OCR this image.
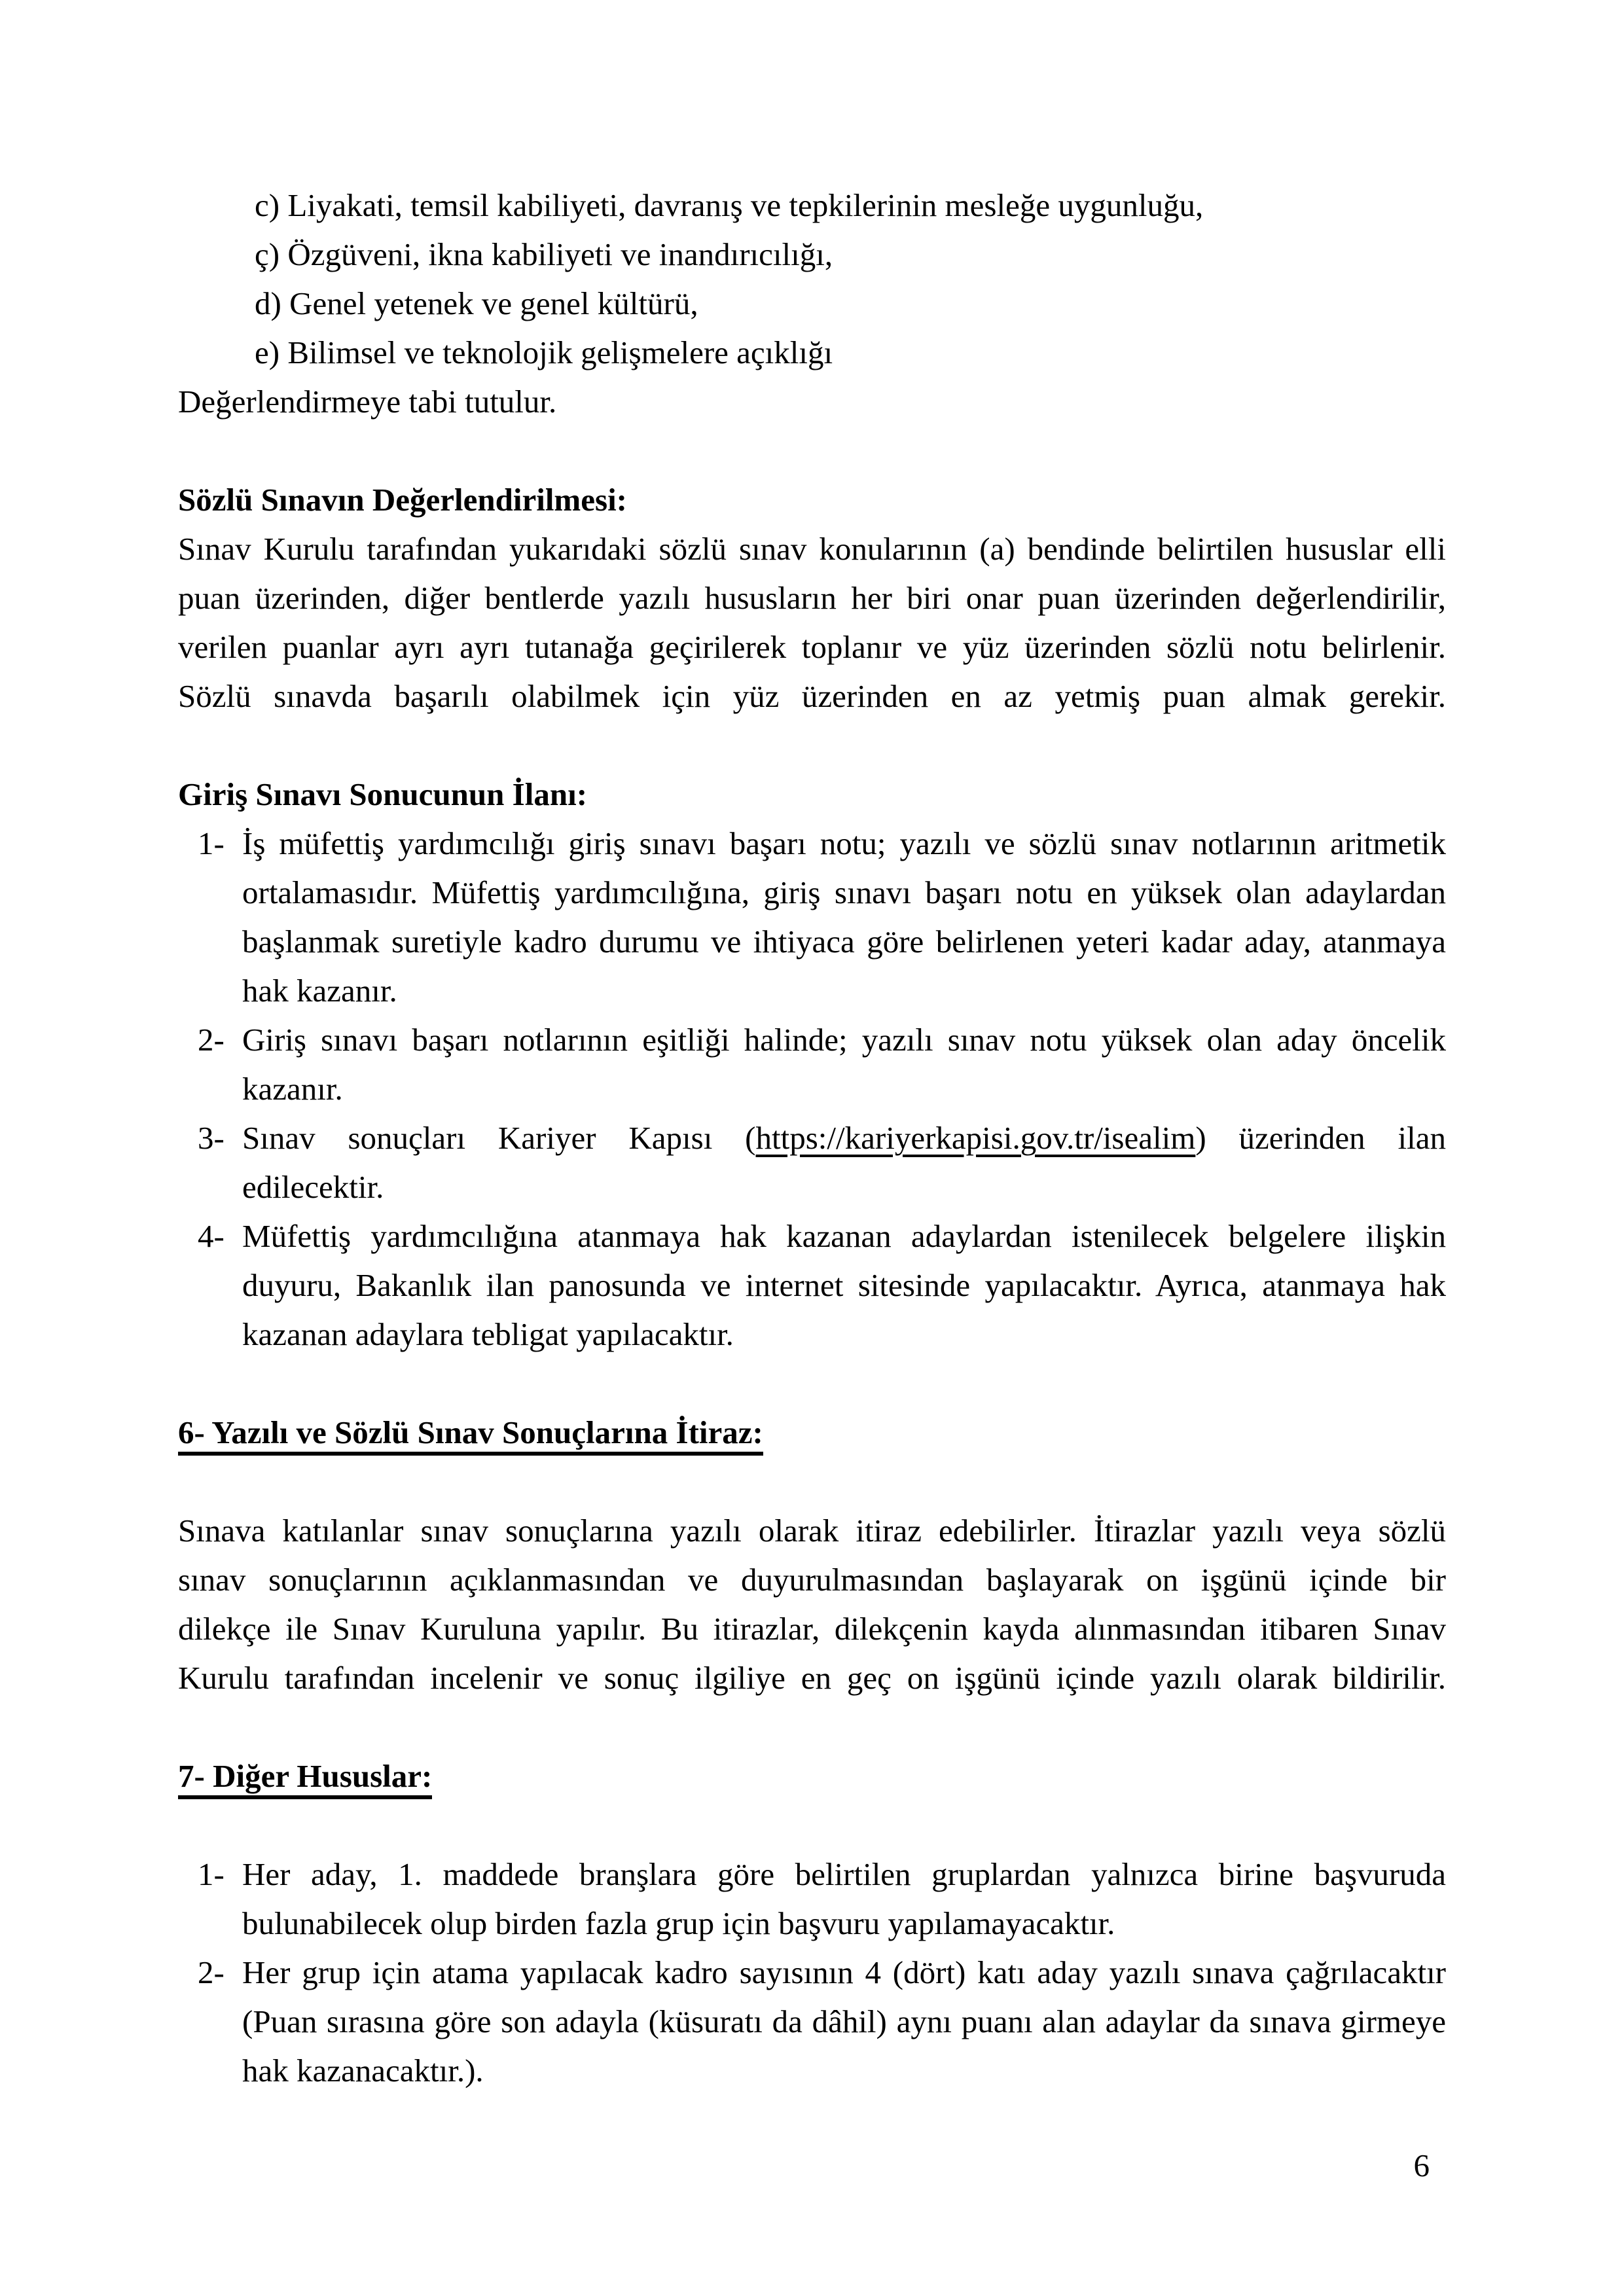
c) Liyakati, temsil kabiliyeti, davranış ve tepkilerinin mesleğe uygunluğu,
ç) Özgüveni, ikna kabiliyeti ve inandırıcılığı,
d) Genel yetenek ve genel kültürü,
e) Bilimsel ve teknolojik gelişmelere açıklığı
Değerlendirmeye tabi tutulur.
Sözlü Sınavın Değerlendirilmesi:
Sınav Kurulu tarafından yukarıdaki sözlü sınav konularının (a) bendinde belirtilen hususlar elli
puan üzerinden, diğer bentlerde yazılı hususların her biri onar puan üzerinden değerlendirilir,
verilen puanlar ayrı ayrı tutanağa geçirilerek toplanır ve yüz üzerinden sözlü notu belirlenir.
Sözlü sınavda başarılı olabilmek için yüz üzerinden en az yetmiş puan almak gerekir.
Giriş Sınavı Sonucunun İlanı:
1- İş müfettiş yardımcılığı giriş sınavı başarı notu; yazılı ve sözlü sınav notlarının aritmetik
ortalamasıdır. Müfettiş yardımcılığına, giriş sınavı başarı notu en yüksek olan adaylardan
başlanmak suretiyle kadro durumu ve ihtiyaca göre belirlenen yeteri kadar aday, atanmaya
hak kazanır.
2- Giriş sınavı başarı notlarının eşitliği halinde; yazılı sınav notu yüksek olan aday öncelik
kazanır.
3- Sınav sonuçları Kariyer Kapısı (https://kariyerkapisi.gov.tr/isealim) üzerinden ilan
edilecektir.
4- Müfettiş yardımcılığına atanmaya hak kazanan adaylardan istenilecek belgelere ilişkin
duyuru, Bakanlık ilan panosunda ve internet sitesinde yapılacaktır. Ayrıca, atanmaya hak
kazanan adaylara tebligat yapılacaktır.
6- Yazılı ve Sözlü Sınav Sonuçlarına İtiraz:
Sınava katılanlar sınav sonuçlarına yazılı olarak itiraz edebilirler. İtirazlar yazılı veya sözlü
sınav sonuçlarının açıklanmasından ve duyurulmasından başlayarak on işgünü içinde bir
dilekçe ile Sınav Kuruluna yapılır. Bu itirazlar, dilekçenin kayda alınmasından itibaren Sınav
Kurulu tarafından incelenir ve sonuç ilgiliye en geç on işgünü içinde yazılı olarak bildirilir.
7- Diğer Hususlar:
1- Her aday, 1. maddede branşlara göre belirtilen gruplardan yalnızca birine başvuruda
bulunabilecek olup birden fazla grup için başvuru yapılamayacaktır.
2- Her grup için atama yapılacak kadro sayısının 4 (dört) katı aday yazılı sınava çağrılacaktır
(Puan sırasına göre son adayla (küsuratı da dâhil) aynı puanı alan adaylar da sınava girmeye
hak kazanacaktır.).
6
